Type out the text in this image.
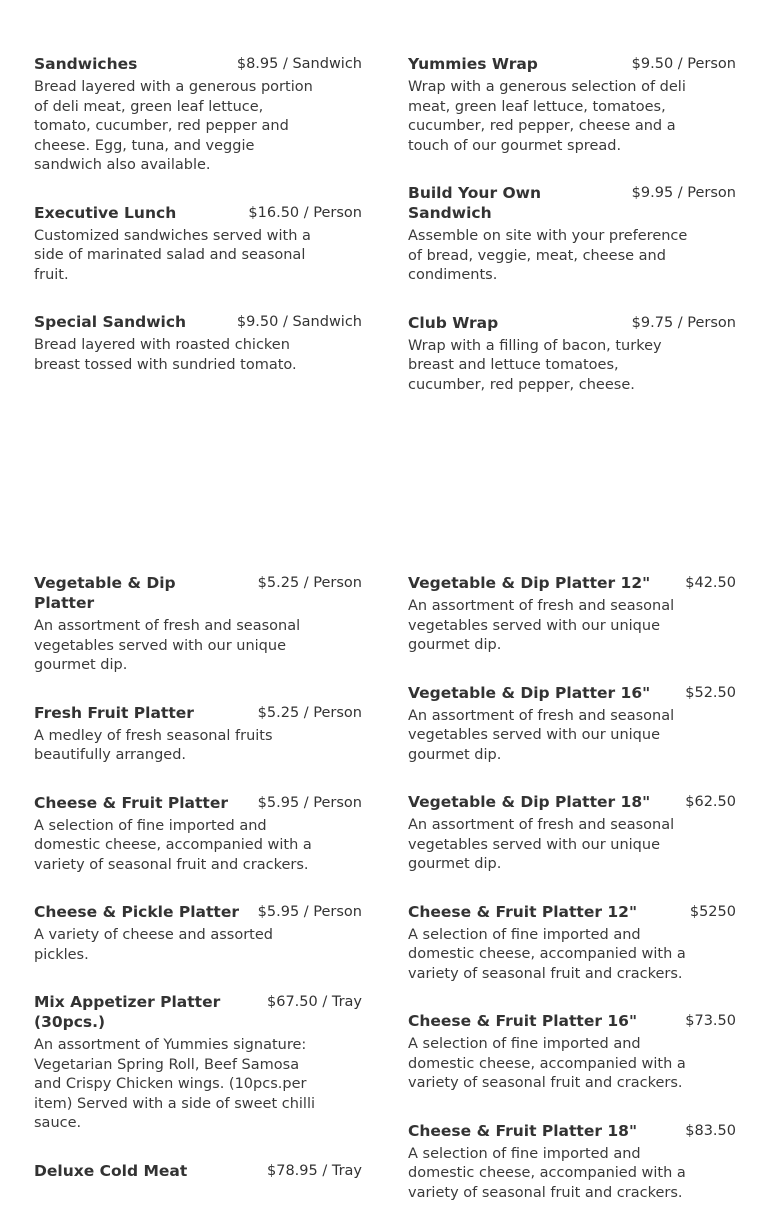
Sandwiches	$8.95 / Sandwich
Bread layered with a generous portion of deli meat, green leaf lettuce, tomato, cucumber, red pepper and cheese. Egg, tuna, and veggie sandwich also available.
Executive Lunch	$16.50 / Person
Customized sandwiches served with a side of marinated salad and seasonal fruit.
Special Sandwich	$9.50 / Sandwich
Bread layered with roasted chicken breast tossed with sundried tomato.
Yummies Wrap	$9.50 / Person
Wrap with a generous selection of deli meat, green leaf lettuce, tomatoes, cucumber, red pepper, cheese and a touch of our gourmet spread.
Build Your Own Sandwich
$9.95 / Person
Assemble on site with your preference of bread, veggie, meat, cheese and condiments.
Club Wrap	$9.75 / Person
Wrap with a filling of bacon, turkey breast and lettuce tomatoes, cucumber, red pepper, cheese.
Vegetable & Dip Platter
$5.25 / Person
An assortment of fresh and seasonal vegetables served with our unique gourmet dip.
Fresh Fruit Platter	$5.25 / Person
A medley of fresh seasonal fruits beautifully arranged.
Cheese & Fruit Platter $5.95 / Person
A selection of fine imported and domestic cheese, accompanied with a variety of seasonal fruit and crackers.
Cheese & Pickle Platter $5.95 / Person
A variety of cheese and assorted pickles.
Mix Appetizer Platter (30pcs.)
$67.50 / Tray
An assortment of Yummies signature: Vegetarian Spring Roll, Beef Samosa and Crispy Chicken wings. (10pcs.per item) Served with a side of sweet chilli sauce.
Deluxe Cold Meat	$78.95 / Tray
Vegetable & Dip Platter 12" $42.50
An assortment of fresh and seasonal vegetables served with our unique gourmet dip.
Vegetable & Dip Platter 16" $52.50
An assortment of fresh and seasonal vegetables served with our unique gourmet dip.
Vegetable & Dip Platter 18" $62.50
An assortment of fresh and seasonal vegetables served with our unique gourmet dip.
Cheese & Fruit Platter 12"	$5250
A selection of fine imported and domestic cheese, accompanied with a variety of seasonal fruit and crackers.
Cheese & Fruit Platter 16"	$73.50
A selection of fine imported and domestic cheese, accompanied with a variety of seasonal fruit and crackers.
Cheese & Fruit Platter 18"	$83.50
A selection of fine imported and domestic cheese, accompanied with a variety of seasonal fruit and crackers.
